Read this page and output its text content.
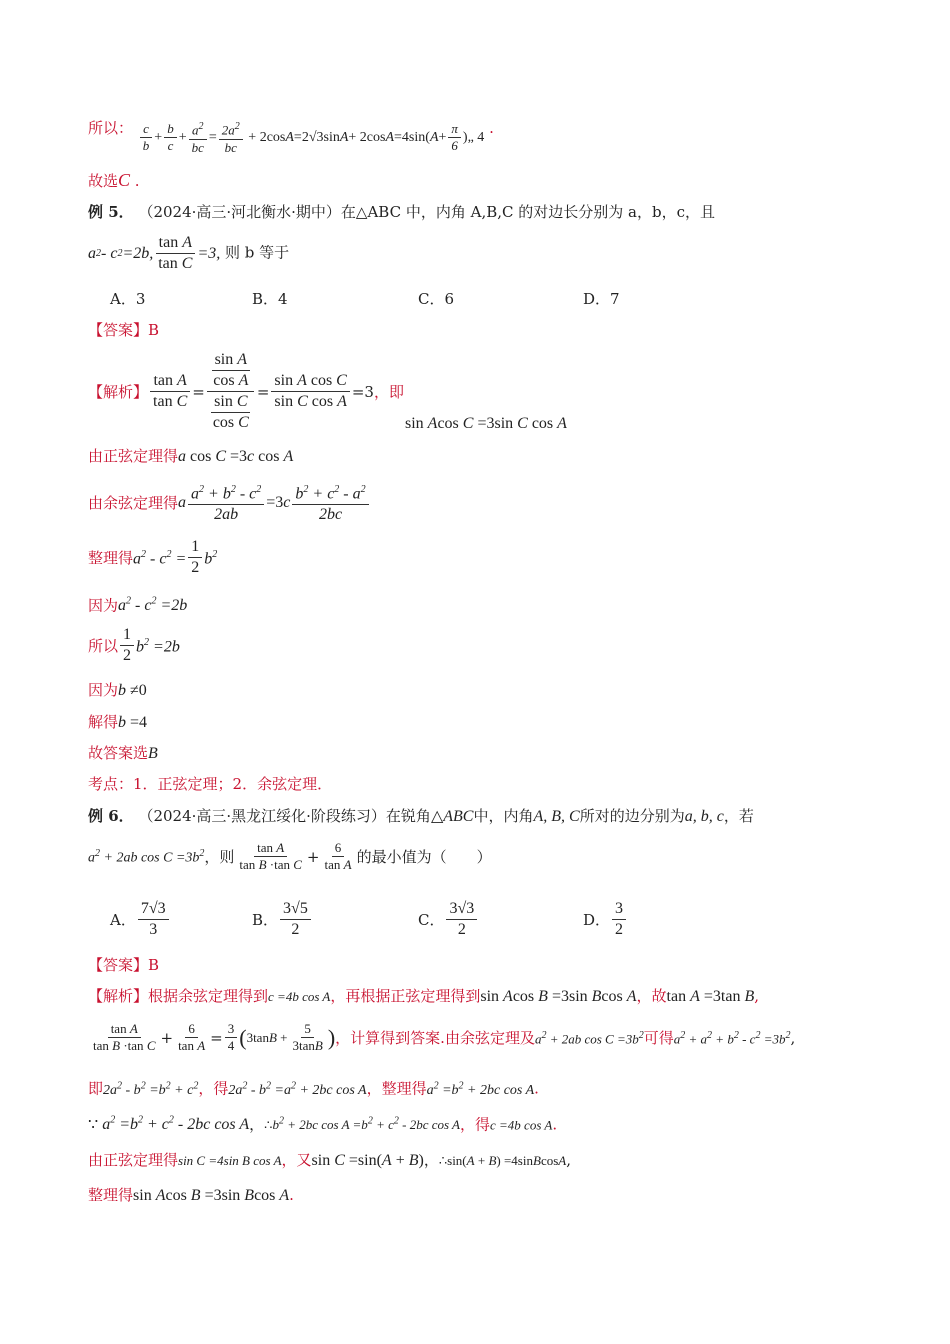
所以： $\frac{c}{b} + \frac{b}{c} + \frac{a^2}{bc} = \frac{2a^2}{bc} + 2\cos$ A =2√3sin A + 2cos A =4sin( $A + \frac{\pi}{6}$ )„ 4 .
故选C .
例 5． （2024·高三·河北衡水·期中）在△ABC 中，内角 A,B,C 的对边长分别为 a，b，c，且
a 2 - c 2 =2b, $\frac{\text{tan A}}{\text{tan C}} =3$, 则 b 等于
A．3	B．4	C．6	D．7
【答案】B
【解析】 $\frac{\text{tan A}}{\text{tan C}} = \frac{\frac{\text{sin A}}{\text{cos A}}}{\frac{\text{sin C}}{\text{cos C}}} = \frac{\text{sin A cos C}}{\text{sin C cos A}} =3$ ，即
sin Acos C =3sin C cos A
由正弦定理得a cos C =3c cos A
由余弦定理得 a $\frac{a^2 + b^2 - c^2}{2ab} =3c \frac{b^2 + c^2 - a^2}{2bc}$
整理得 $a^2 - c^2 = \frac{1}{2} b^2$
因为$a^2 - c^2 =2b$
所以 $\frac{1}{2} b^2 =2b$
因为b ≠0
解得b =4
故答案选B
考点：1．正弦定理；2．余弦定理．
例 6． （2024·高三·黑龙江绥化·阶段练习）在锐角△ABC中，内角A, B, C所对的边分别为a, b, c，若
$a^2 + 2ab$ $\cos C =3b^2$ ，则 $\frac{\text{tan A}}{\text{tan B ·tan C}} + \frac{6}{\text{tan A}}$ 的最小值为（　　）
A． $\frac{7√3}{3}$	B． $\frac{3√5}{2}$	C． $\frac{3√3}{2}$	D． $\frac{3}{2}$
【答案】B
【解析】根据余弦定理得到c =4b cos A，再根据正弦定理得到sin Acos B =3sin Bcos A，故tan A =3tan B,
$\frac{\text{tan A}}{\text{tan B ·tan C}} + \frac{6}{\text{tan A}} = \frac{3}{4}$ ( $3\tan B + \frac{5}{3\tan B}$ ) ，计算得到答案.由余弦定理及 $a^2 + 2ab$ $\cos C =3b^2$ 可得 $a^2 + a^2 + b^2 - c^2 =3b^2$ ,
即$2a^2 - b^2 =b^2 + c^2$，得$2a^2 - b^2 =a^2 + 2bc$ cos A，整理得$a^2 =b^2 + 2bc$ cos A.
∵ $a^2 =b^2 + c^2 - 2bc$ cos A，$\therefore b^2 + 2bc$ $\cos A =b^2 + c^2 - 2bc$ cos A，得c =4b cos A.
由正弦定理得sin C =4sin B cos A，又sin C =sin(A + B)，∴sin(A + B) =4sinBcosA,
整理得sin Acos B =3sin Bcos A.
